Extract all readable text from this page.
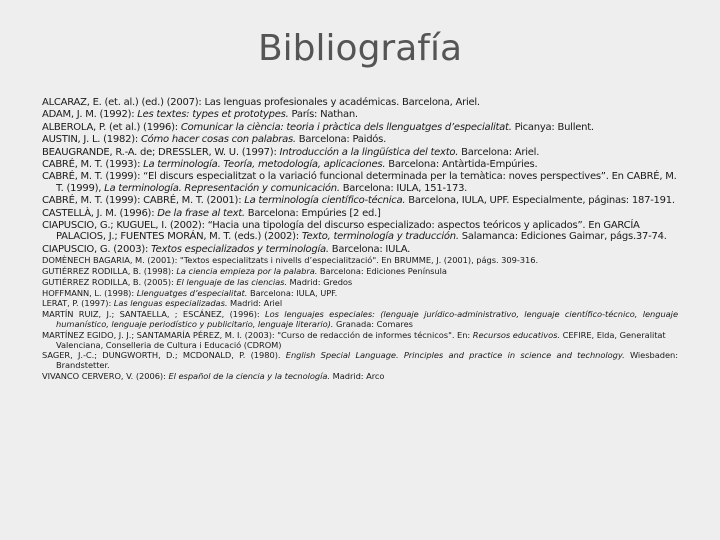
Bibliografía
ALCARAZ, E. (et. al.) (ed.) (2007): Las lenguas profesionales y académicas. Barcelona, Ariel.
ADAM, J. M. (1992): Les textes: types et prototypes. París: Nathan.
ALBEROLA, P. (et al.) (1996): Comunicar la ciència: teoria i pràctica dels llenguatges d’especialitat. Picanya: Bullent.
AUSTIN, J. L. (1982): Cómo hacer cosas con palabras. Barcelona: Paidós.
BEAUGRANDE, R.-A. de; DRESSLER, W. U. (1997): Introducción a la lingüística del texto. Barcelona: Ariel.
CABRÉ, M. T. (1993): La terminología. Teoría, metodología, aplicaciones. Barcelona: Antàrtida-Empúries.
CABRÉ, M. T. (1999): “El discurs especialitzat o la variació funcional determinada per la temàtica: noves perspectives”. En CABRÉ, M. T. (1999), La terminología. Representación y comunicación. Barcelona: IULA, 151-173.
CABRÉ, M. T. (1999): CABRÉ, M. T. (2001): La terminología científico-técnica. Barcelona, IULA, UPF. Especialmente, páginas: 187-191.
CASTELLÀ, J. M. (1996): De la frase al text. Barcelona: Empúries [2 ed.]
CIAPUSCIO, G.; KUGUEL, I. (2002): “Hacia una tipología del discurso especializado: aspectos teóricos y aplicados”. En GARCÍA PALACIOS, J.; FUENTES MORÁN, M. T. (eds.) (2002): Texto, terminología y traducción. Salamanca: Ediciones Gaimar, págs.37-74.
CIAPUSCIO, G. (2003): Textos especializados y terminología. Barcelona: IULA.
DOMÈNECH BAGARIA, M. (2001): "Textos especialitzats i nivells d’especialització". En BRUMME, J. (2001), págs. 309-316.
GUTIÉRREZ RODILLA, B. (1998): La ciencia empieza por la palabra. Barcelona: Ediciones Península
GUTIÉRREZ RODILLA, B. (2005): El lenguaje de las ciencias. Madrid: Gredos
HOFFMANN, L. (1998): Llenguatges d’especialitat. Barcelona: IULA, UPF.
LERAT, P. (1997): Las lenguas especializadas. Madrid: Ariel
MARTÍN RUIZ, J.; SANTAELLA, ; ESCÁNEZ, (1996): Los lenguajes especiales: (lenguaje jurídico-administrativo, lenguaje científico-técnico, lenguaje humanístico, lenguaje periodístico y publicitario, lenguaje literario). Granada: Comares
MARTÍNEZ EGIDO, J. J.; SANTAMARÍA PÉREZ, M. I. (2003): "Curso de redacción de informes técnicos". En: Recursos educativos. CEFIRE, Elda, Generalitat Valenciana, Conselleria de Cultura i Educació (CDROM)
SAGER, J.-C.; DUNGWORTH, D.; MCDONALD, P. (1980). English Special Language. Principles and practice in science and technology. Wiesbaden: Brandstetter.
VIVANCO CERVERO, V. (2006): El español de la ciencia y la tecnología. Madrid: Arco
